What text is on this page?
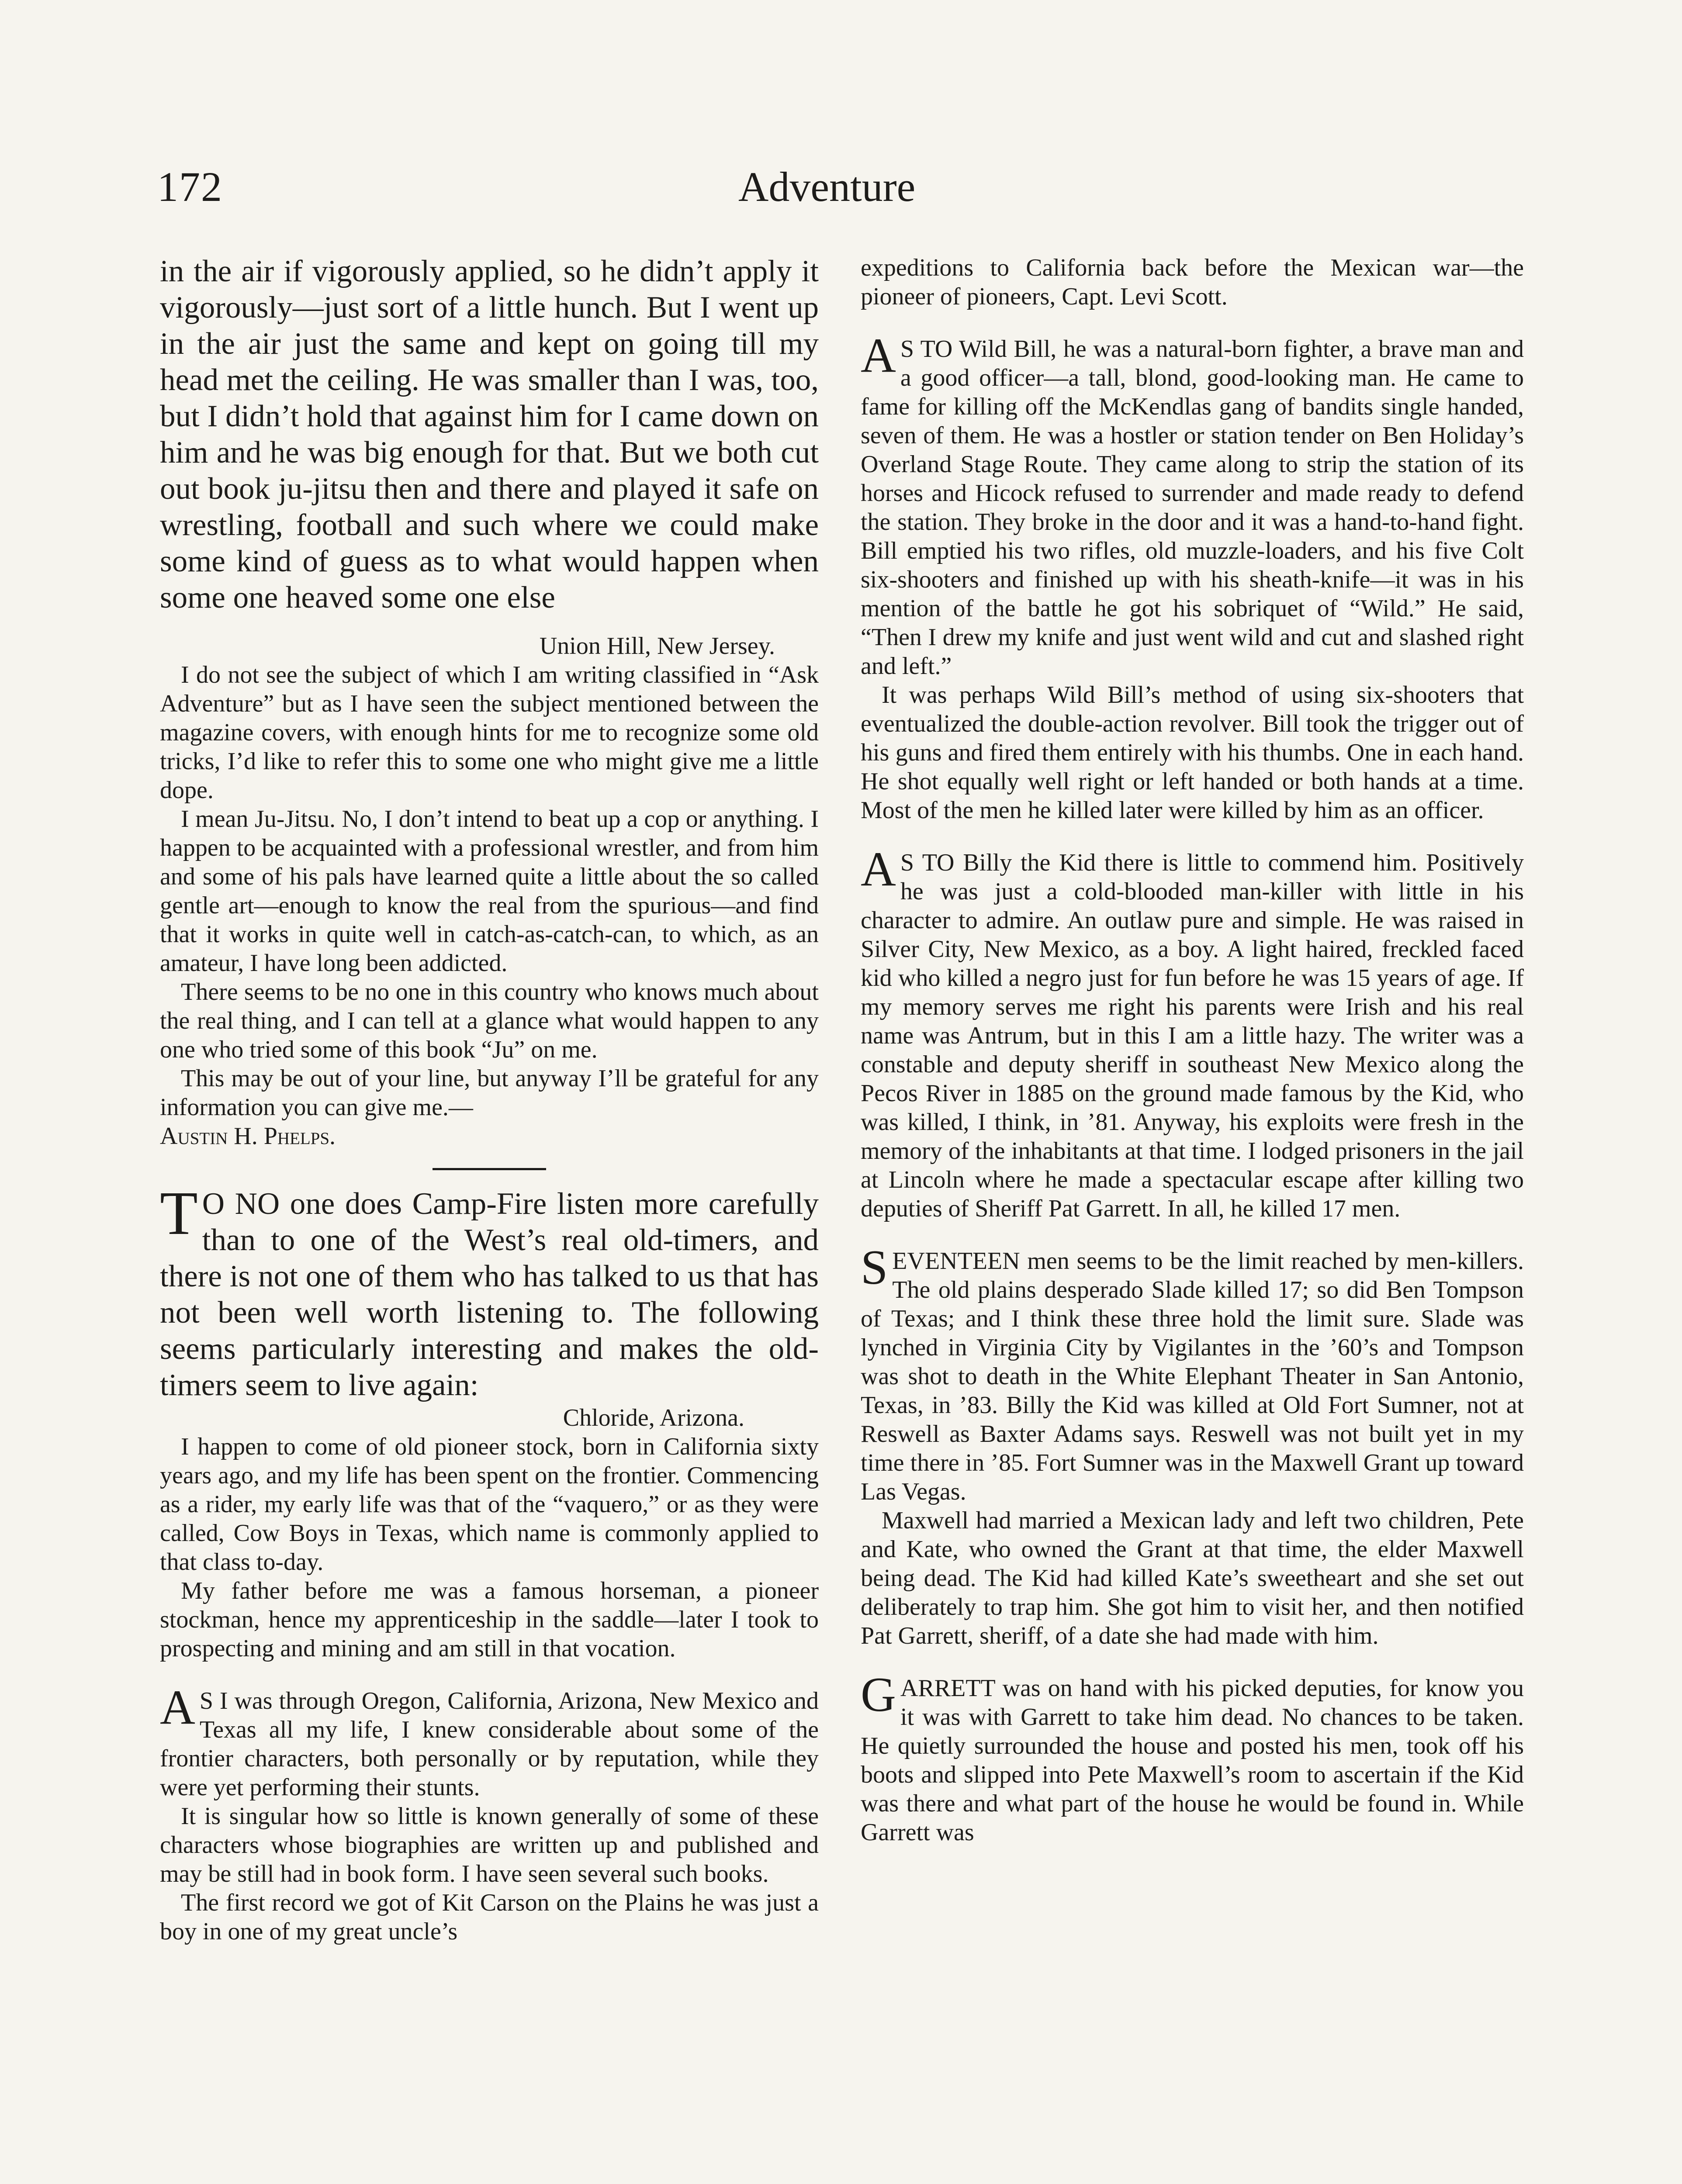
172	Adventure

in the air if vigorously applied, so he didn’t apply it vigorously—just sort of a little hunch. But I went up in the air just the same and kept on going till my head met the ceiling. He was smaller than I was, too, but I didn’t hold that against him for I came down on him and he was big enough for that. But we both cut out book ju-jitsu then and there and played it safe on wrestling, football and such where we could make some kind of guess as to what would happen when some one heaved some one else

Union Hill, New Jersey.

I do not see the subject of which I am writing classified in “Ask Adventure” but as I have seen the subject mentioned between the magazine covers, with enough hints for me to recognize some old tricks, I’d like to refer this to some one who might give me a little dope.

I mean Ju-Jitsu. No, I don’t intend to beat up a cop or anything. I happen to be acquainted with a professional wrestler, and from him and some of his pals have learned quite a little about the so called gentle art—enough to know the real from the spurious—and find that it works in quite well in catch-as-catch-can, to which, as an amateur, I have long been addicted.

There seems to be no one in this country who knows much about the real thing, and I can tell at a glance what would happen to any one who tried some of this book “Ju” on me.

This may be out of your line, but anyway I’ll be grateful for any information you can give me.—

Austin H. Phelps.

T O NO one does Camp-Fire listen more carefully than to one of the West’s real old-timers, and there is not one of them who has talked to us that has not been well worth listening to. The following seems particularly interesting and makes the old-timers seem to live again:

Chloride, Arizona.

I happen to come of old pioneer stock, born in California sixty years ago, and my life has been spent on the frontier. Commencing as a rider, my early life was that of the “vaquero,” or as they were called, Cow Boys in Texas, which name is commonly applied to that class to-day.

My father before me was a famous horseman, a pioneer stockman, hence my apprenticeship in the saddle—later I took to prospecting and mining and am still in that vocation.

A S I was through Oregon, California, Arizona, New Mexico and Texas all my life, I knew considerable about some of the frontier characters, both personally or by reputation, while they were yet performing their stunts.

It is singular how so little is known generally of some of these characters whose biographies are written up and published and may be still had in book form. I have seen several such books.

The first record we got of Kit Carson on the Plains he was just a boy in one of my great uncle’s

expeditions to California back before the Mexican war—the pioneer of pioneers, Capt. Levi Scott.

A S TO Wild Bill, he was a natural-born fighter, a brave man and a good officer—a tall, blond, good-looking man. He came to fame for killing off the McKendlas gang of bandits single handed, seven of them. He was a hostler or station tender on Ben Holiday’s Overland Stage Route. They came along to strip the station of its horses and Hicock refused to surrender and made ready to defend the station. They broke in the door and it was a hand-to-hand fight. Bill emptied his two rifles, old muzzle-loaders, and his five Colt six-shooters and finished up with his sheath-knife—it was in his mention of the battle he got his sobriquet of “Wild.” He said, “Then I drew my knife and just went wild and cut and slashed right and left.”

It was perhaps Wild Bill’s method of using six-shooters that eventualized the double-action revolver. Bill took the trigger out of his guns and fired them entirely with his thumbs. One in each hand. He shot equally well right or left handed or both hands at a time. Most of the men he killed later were killed by him as an officer.

A S TO Billy the Kid there is little to commend him. Positively he was just a cold-blooded man-killer with little in his character to admire. An outlaw pure and simple. He was raised in Silver City, New Mexico, as a boy. A light haired, freckled faced kid who killed a negro just for fun before he was 15 years of age. If my memory serves me right his parents were Irish and his real name was Antrum, but in this I am a little hazy. The writer was a constable and deputy sheriff in southeast New Mexico along the Pecos River in 1885 on the ground made famous by the Kid, who was killed, I think, in ’81. Anyway, his exploits were fresh in the memory of the inhabitants at that time. I lodged prisoners in the jail at Lincoln where he made a spectacular escape after killing two deputies of Sheriff Pat Garrett. In all, he killed 17 men.

SEVENTEEN men seems to be the limit reached by men-killers. The old plains desperado Slade killed 17; so did Ben Tompson of Texas; and I think these three hold the limit sure. Slade was lynched in Virginia City by Vigilantes in the ’60’s and Tompson was shot to death in the White Elephant Theater in San Antonio, Texas, in ’83. Billy the Kid was killed at Old Fort Sumner, not at Reswell as Baxter Adams says. Reswell was not built yet in my time there in ’85. Fort Sumner was in the Maxwell Grant up toward Las Vegas.

Maxwell had married a Mexican lady and left two children, Pete and Kate, who owned the Grant at that time, the elder Maxwell being dead. The Kid had killed Kate’s sweetheart and she set out deliberately to trap him. She got him to visit her, and then notified Pat Garrett, sheriff, of a date she had made with him.

GARRETT was on hand with his picked deputies, for know you it was with Garrett to take him dead. No chances to be taken. He quietly surrounded the house and posted his men, took off his boots and slipped into Pete Maxwell’s room to ascertain if the Kid was there and what part of the house he would be found in. While Garrett was
